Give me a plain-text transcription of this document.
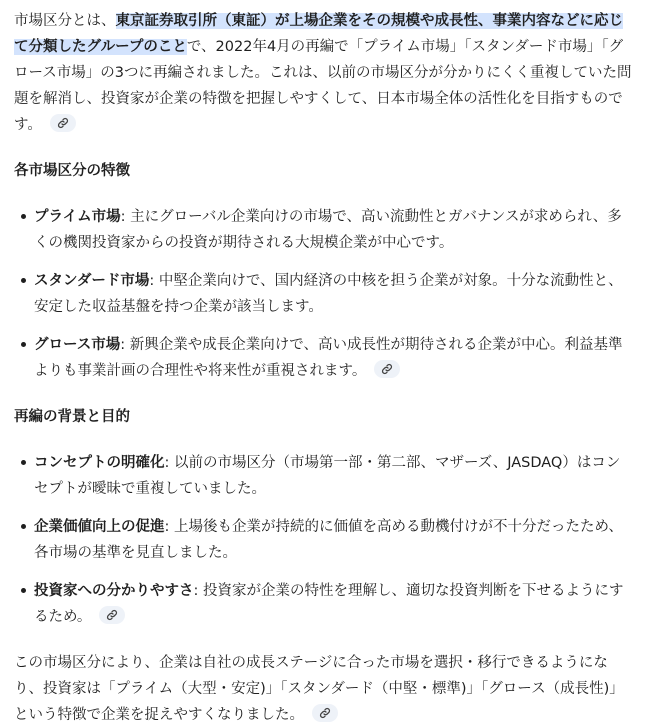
市場区分とは、東京証券取引所（東証）が上場企業をその規模や成長性、事業内容などに応じて分類したグループのことで、2022年4月の再編で「プライム市場」「スタンダード市場」「グロース市場」の3つに再編されました。これは、以前の市場区分が分かりにくく重複していた問題を解消し、投資家が企業の特徴を把握しやすくして、日本市場全体の活性化を目指すものです。

各市場区分の特徴

プライム市場: 主にグローバル企業向けの市場で、高い流動性とガバナンスが求められ、多くの機関投資家からの投資が期待される大規模企業が中心です。
スタンダード市場: 中堅企業向けで、国内経済の中核を担う企業が対象。十分な流動性と、安定した収益基盤を持つ企業が該当します。
グロース市場: 新興企業や成長企業向けで、高い成長性が期待される企業が中心。利益基準よりも事業計画の合理性や将来性が重視されます。

再編の背景と目的

コンセプトの明確化: 以前の市場区分（市場第一部・第二部、マザーズ、JASDAQ）はコンセプトが曖昧で重複していました。
企業価値向上の促進: 上場後も企業が持続的に価値を高める動機付けが不十分だったため、各市場の基準を見直しました。
投資家への分かりやすさ: 投資家が企業の特性を理解し、適切な投資判断を下せるようにするため。

この市場区分により、企業は自社の成長ステージに合った市場を選択・移行できるようになり、投資家は「プライム（大型・安定)」「スタンダード（中堅・標準)」「グロース（成長性)」という特徴で企業を捉えやすくなりました。
